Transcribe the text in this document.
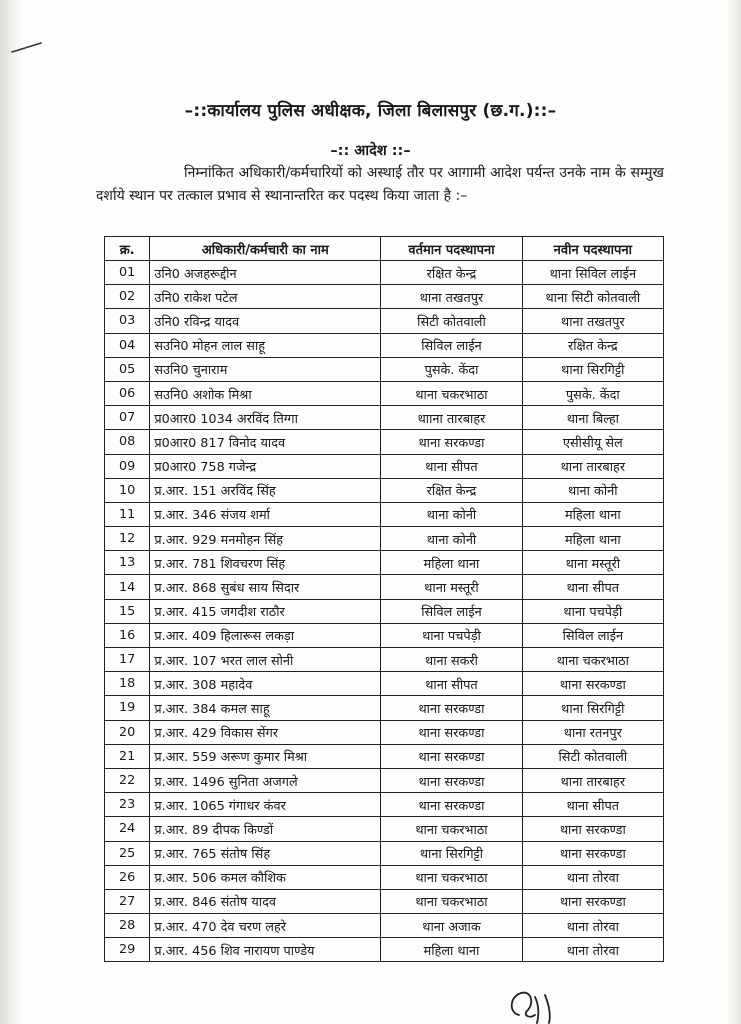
–::कार्यालय पुलिस अधीक्षक, जिला बिलासपुर (छ.ग.)::–
–:: आदेश ::–
निम्नांकित अधिकारी/कर्मचारियों को अस्थाई तौर पर आगामी आदेश पर्यन्त उनके नाम के सम्मुख दर्शाये स्थान पर तत्काल प्रभाव से स्थानान्तरित कर पदस्थ किया जाता है :–
क्र.	अधिकारी/कर्मचारी का नाम	वर्तमान पदस्थापना	नवीन पदस्थापना
01	उनि0 अजहरूद्दीन	रक्षित केन्द्र	थाना सिविल लाईन
02	उनि0 राकेश पटेल	थाना तखतपुर	थाना सिटी कोतवाली
03	उनि0 रविन्द्र यादव	सिटी कोतवाली	थाना तखतपुर
04	सउनि0 मोहन लाल साहू	सिविल लाईन	रक्षित केन्द्र
05	सउनि0 चुनाराम	पुसके. केंदा	थाना सिरगिट्टी
06	सउनि0 अशोक मिश्रा	थाना चकरभाठा	पुसके. केंदा
07	प्र0आर0 1034 अरविंद तिग्गा	थााना तारबाहर	थाना बिल्हा
08	प्र0आर0 817 विनोद यादव	थाना सरकण्डा	एसीसीयू सेल
09	प्र0आर0 758 गजेन्द्र	थाना सीपत	थाना तारबाहर
10	प्र.आर. 151 अरविंद सिंह	रक्षित केन्द्र	थाना कोनी
11	प्र.आर. 346 संजय शर्मा	थाना कोनी	महिला थाना
12	प्र.आर. 929 मनमोहन सिंह	थाना कोनी	महिला थाना
13	प्र.आर. 781 शिवचरण सिंह	महिला थाना	थाना मस्तूरी
14	प्र.आर. 868 सुबंध साय सिदार	थाना मस्तूरी	थाना सीपत
15	प्र.आर. 415 जगदीश राठौर	सिविल लाईन	थाना पचपेड़ी
16	प्र.आर. 409 हिलारूस लकड़ा	थाना पचपेड़ी	सिविल लाईन
17	प्र.आर. 107 भरत लाल सोनी	थाना सकरी	थाना चकरभाठा
18	प्र.आर. 308 महादेव	थाना सीपत	थाना सरकण्डा
19	प्र.आर. 384 कमल साहू	थाना सरकण्डा	थाना सिरगिट्टी
20	प्र.आर. 429 विकास सेंगर	थाना सरकण्डा	थाना रतनपुर
21	प्र.आर. 559 अरूण कुमार मिश्रा	थाना सरकण्डा	सिटी कोतवाली
22	प्र.आर. 1496 सुनिता अजगले	थाना सरकण्डा	थाना तारबाहर
23	प्र.आर. 1065 गंगाधर कंवर	थाना सरकण्डा	थाना सीपत
24	प्र.आर. 89 दीपक किण्डों	थाना चकरभाठा	थाना सरकण्डा
25	प्र.आर. 765 संतोष सिंह	थाना सिरगिट्टी	थाना सरकण्डा
26	प्र.आर. 506 कमल कौशिक	थाना चकरभाठा	थाना तोरवा
27	प्र.आर. 846 संतोष यादव	थाना चकरभाठा	थाना सरकण्डा
28	प्र.आर. 470 देव चरण लहरे	थाना अजाक	थाना तोरवा
29	प्र.आर. 456 शिव नारायण पाण्डेय	महिला थाना	थाना तोरवा
